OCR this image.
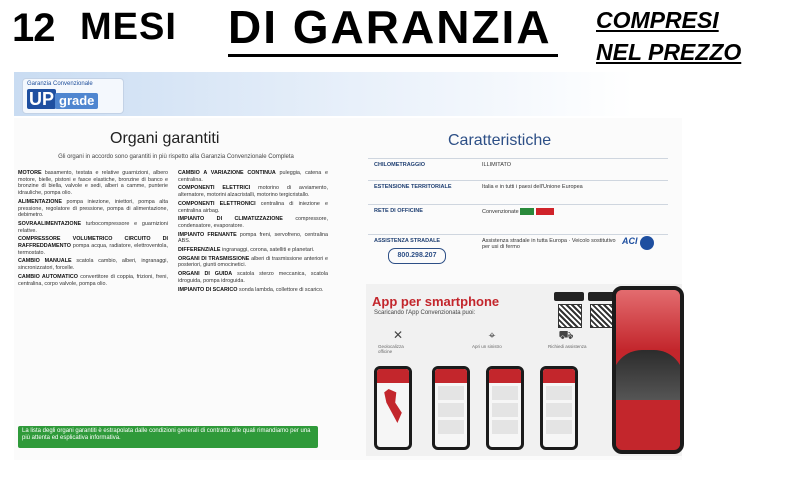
12 MESI DI GARANZIA COMPRESI
NEL PREZZO
Garanzia Convenzionale
UP grade
Organi garantiti
Gli organi in accordo sono garantiti in più rispetto alla Garanzia Convenzionale Completa

MOTORE basamento, testata e relative guarnizioni, albero motore, bielle, pistoni e fasce elastiche, bronzine di banco e bronzine di biella, valvole e sedi, alberi a camme, punterie idrauliche, pompa olio.

ALIMENTAZIONE pompa iniezione, iniettori, pompa alta pressione, regolatore di pressione, pompa di alimentazione, debimetro.

SOVRAALIMENTAZIONE turbocompressore e guarnizioni relative.

COMPRESSORE VOLUMETRICO CIRCUITO DI RAFFREDDAMENTO pompa acqua, radiatore, elettroventola, termostato.

CAMBIO MANUALE scatola cambio, alberi, ingranaggi, sincronizzatori, forcelle.

CAMBIO AUTOMATICO convertitore di coppia, frizioni, freni, centralina, corpo valvole, pompa olio.

CAMBIO A VARIAZIONE CONTINUA puleggia, catena e centralina.

COMPONENTI ELETTRICI motorino di avviamento, alternatore, motorini alzacristalli, motorino tergicristallo.

COMPONENTI ELETTRONICI centralina di iniezione e centralina airbag.

IMPIANTO DI CLIMATIZZAZIONE compressore, condensatore, evaporatore.

IMPIANTO FRENANTE pompa freni, servofreno, centralina ABS.

DIFFERENZIALE ingranaggi, corona, satelliti e planetari.

ORGANI DI TRASMISSIONE alberi di trasmissione anteriori e posteriori, giunti omocinetici.

ORGANI DI GUIDA scatola sterzo meccanica, scatola idroguida, pompa idroguida.

IMPIANTO DI SCARICO sonda lambda, collettore di scarico.

La lista degli organi garantiti è estrapolata dalle condizioni generali di contratto alle quali rimandiamo per una più attenta ed esplicativa informativa.
Caratteristiche
CHILOMETRAGGIO	ILLIMITATO
ESTENSIONE TERRITORIALE	Italia e in tutti i paesi dell'Unione Europea
RETE DI OFFICINE	Convenzionate
ASSISTENZA STRADALE	Assistenza stradale in tutta Europa · Veicolo sostitutivo per usi di fermo
800.298.207
ACI
App per smartphone
Scaricando l'App Convenzionata puoi:
✕
Geolocalizza officine
⌖
Apri un sinistro
⛟
Richiedi assistenza
